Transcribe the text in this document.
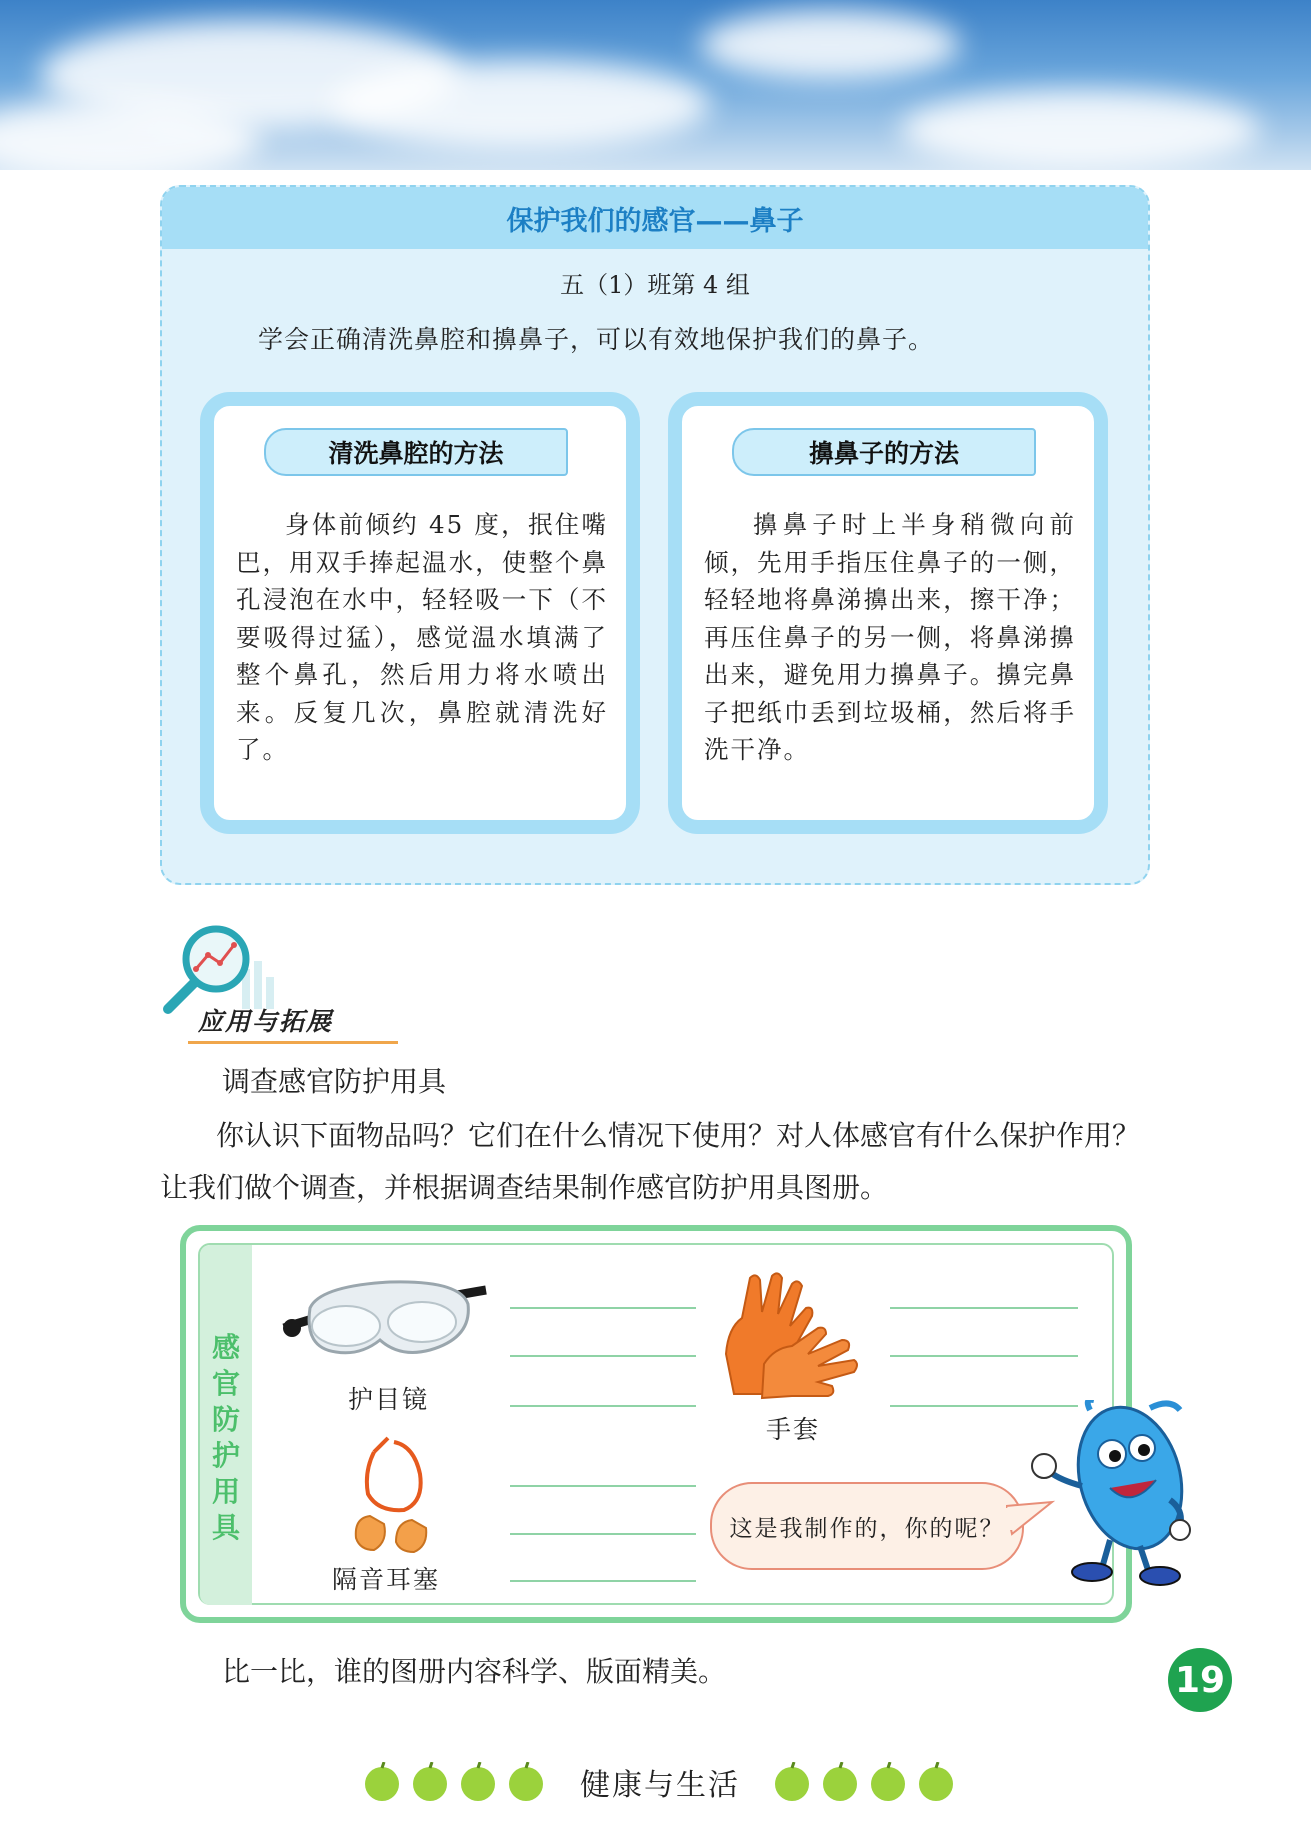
保护我们的感官——鼻子
五（1）班第 4 组
学会正确清洗鼻腔和擤鼻子，可以有效地保护我们的鼻子。
清洗鼻腔的方法
身体前倾约 45 度，抿住嘴巴，用双手捧起温水，使整个鼻孔浸泡在水中，轻轻吸一下（不要吸得过猛），感觉温水填满了整个鼻孔，然后用力将水喷出来。反复几次，鼻腔就清洗好了。
擤鼻子的方法
擤鼻子时上半身稍微向前倾，先用手指压住鼻子的一侧，轻轻地将鼻涕擤出来，擦干净；再压住鼻子的另一侧，将鼻涕擤出来，避免用力擤鼻子。擤完鼻子把纸巾丢到垃圾桶，然后将手洗干净。
应用与拓展
调查感官防护用具
你认识下面物品吗？它们在什么情况下使用？对人体感官有什么保护作用？让我们做个调查，并根据调查结果制作感官防护用具图册。
感官防护用具
护目镜
手套
隔音耳塞
这是我制作的，你的呢？
比一比，谁的图册内容科学、版面精美。	19
健康与生活
